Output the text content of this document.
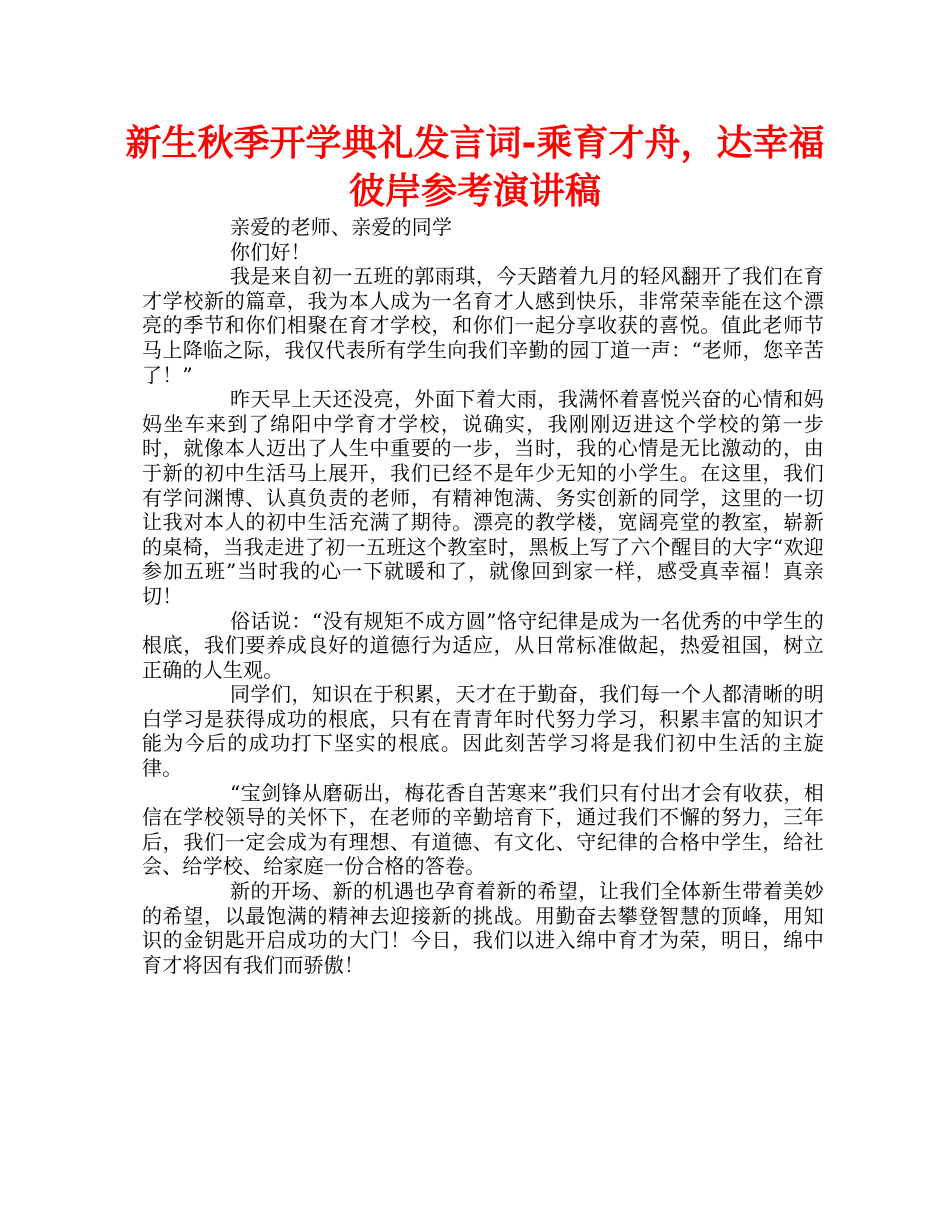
新生秋季开学典礼发言词-乘育才舟，达幸福彼岸参考演讲稿

亲爱的老师、亲爱的同学

你们好！

我是来自初一五班的郭雨琪，今天踏着九月的轻风翻开了我们在育才学校新的篇章，我为本人成为一名育才人感到快乐，非常荣幸能在这个漂亮的季节和你们相聚在育才学校，和你们一起分享收获的喜悦。值此老师节马上降临之际，我仅代表所有学生向我们辛勤的园丁道一声：“老师，您辛苦了！”

昨天早上天还没亮，外面下着大雨，我满怀着喜悦兴奋的心情和妈妈坐车来到了绵阳中学育才学校，说确实，我刚刚迈进这个学校的第一步时，就像本人迈出了人生中重要的一步，当时，我的心情是无比激动的，由于新的初中生活马上展开，我们已经不是年少无知的小学生。在这里，我们有学问渊博、认真负责的老师，有精神饱满、务实创新的同学，这里的一切让我对本人的初中生活充满了期待。漂亮的教学楼，宽阔亮堂的教室，崭新的桌椅，当我走进了初一五班这个教室时，黑板上写了六个醒目的大字“欢迎参加五班”当时我的心一下就暖和了，就像回到家一样，感受真幸福！真亲切！

俗话说：“没有规矩不成方圆”恪守纪律是成为一名优秀的中学生的根底，我们要养成良好的道德行为适应，从日常标准做起，热爱祖国，树立正确的人生观。

同学们，知识在于积累，天才在于勤奋，我们每一个人都清晰的明白学习是获得成功的根底，只有在青青年时代努力学习，积累丰富的知识才能为今后的成功打下坚实的根底。因此刻苦学习将是我们初中生活的主旋律。

“宝剑锋从磨砺出，梅花香自苦寒来”我们只有付出才会有收获，相信在学校领导的关怀下，在老师的辛勤培育下，通过我们不懈的努力，三年后，我们一定会成为有理想、有道德、有文化、守纪律的合格中学生，给社会、给学校、给家庭一份合格的答卷。

新的开场、新的机遇也孕育着新的希望，让我们全体新生带着美妙的希望，以最饱满的精神去迎接新的挑战。用勤奋去攀登智慧的顶峰，用知识的金钥匙开启成功的大门！今日，我们以进入绵中育才为荣，明日，绵中育才将因有我们而骄傲！
